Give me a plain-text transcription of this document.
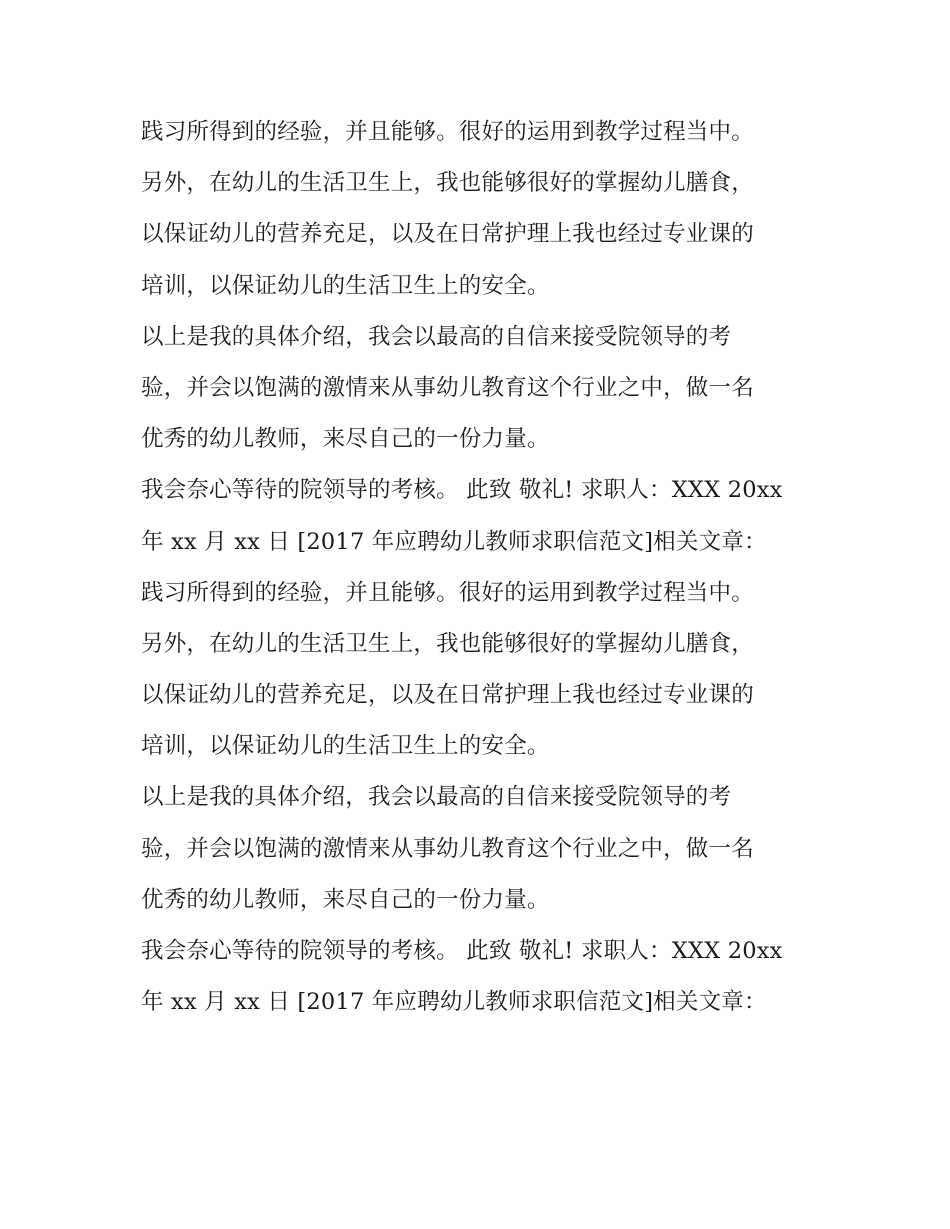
践习所得到的经验，并且能够。很好的运用到教学过程当中。
另外，在幼儿的生活卫生上，我也能够很好的掌握幼儿膳食，
以保证幼儿的营养充足，以及在日常护理上我也经过专业课的
培训，以保证幼儿的生活卫生上的安全。
以上是我的具体介绍，我会以最高的自信来接受院领导的考
验，并会以饱满的激情来从事幼儿教育这个行业之中，做一名
优秀的幼儿教师，来尽自己的一份力量。
我会奈心等待的院领导的考核。 此致 敬礼! 求职人：XXX 20xx
年 xx 月 xx 日 [2017 年应聘幼儿教师求职信范文]相关文章：
践习所得到的经验，并且能够。很好的运用到教学过程当中。
另外，在幼儿的生活卫生上，我也能够很好的掌握幼儿膳食，
以保证幼儿的营养充足，以及在日常护理上我也经过专业课的
培训，以保证幼儿的生活卫生上的安全。
以上是我的具体介绍，我会以最高的自信来接受院领导的考
验，并会以饱满的激情来从事幼儿教育这个行业之中，做一名
优秀的幼儿教师，来尽自己的一份力量。
我会奈心等待的院领导的考核。 此致 敬礼! 求职人：XXX 20xx
年 xx 月 xx 日 [2017 年应聘幼儿教师求职信范文]相关文章：
